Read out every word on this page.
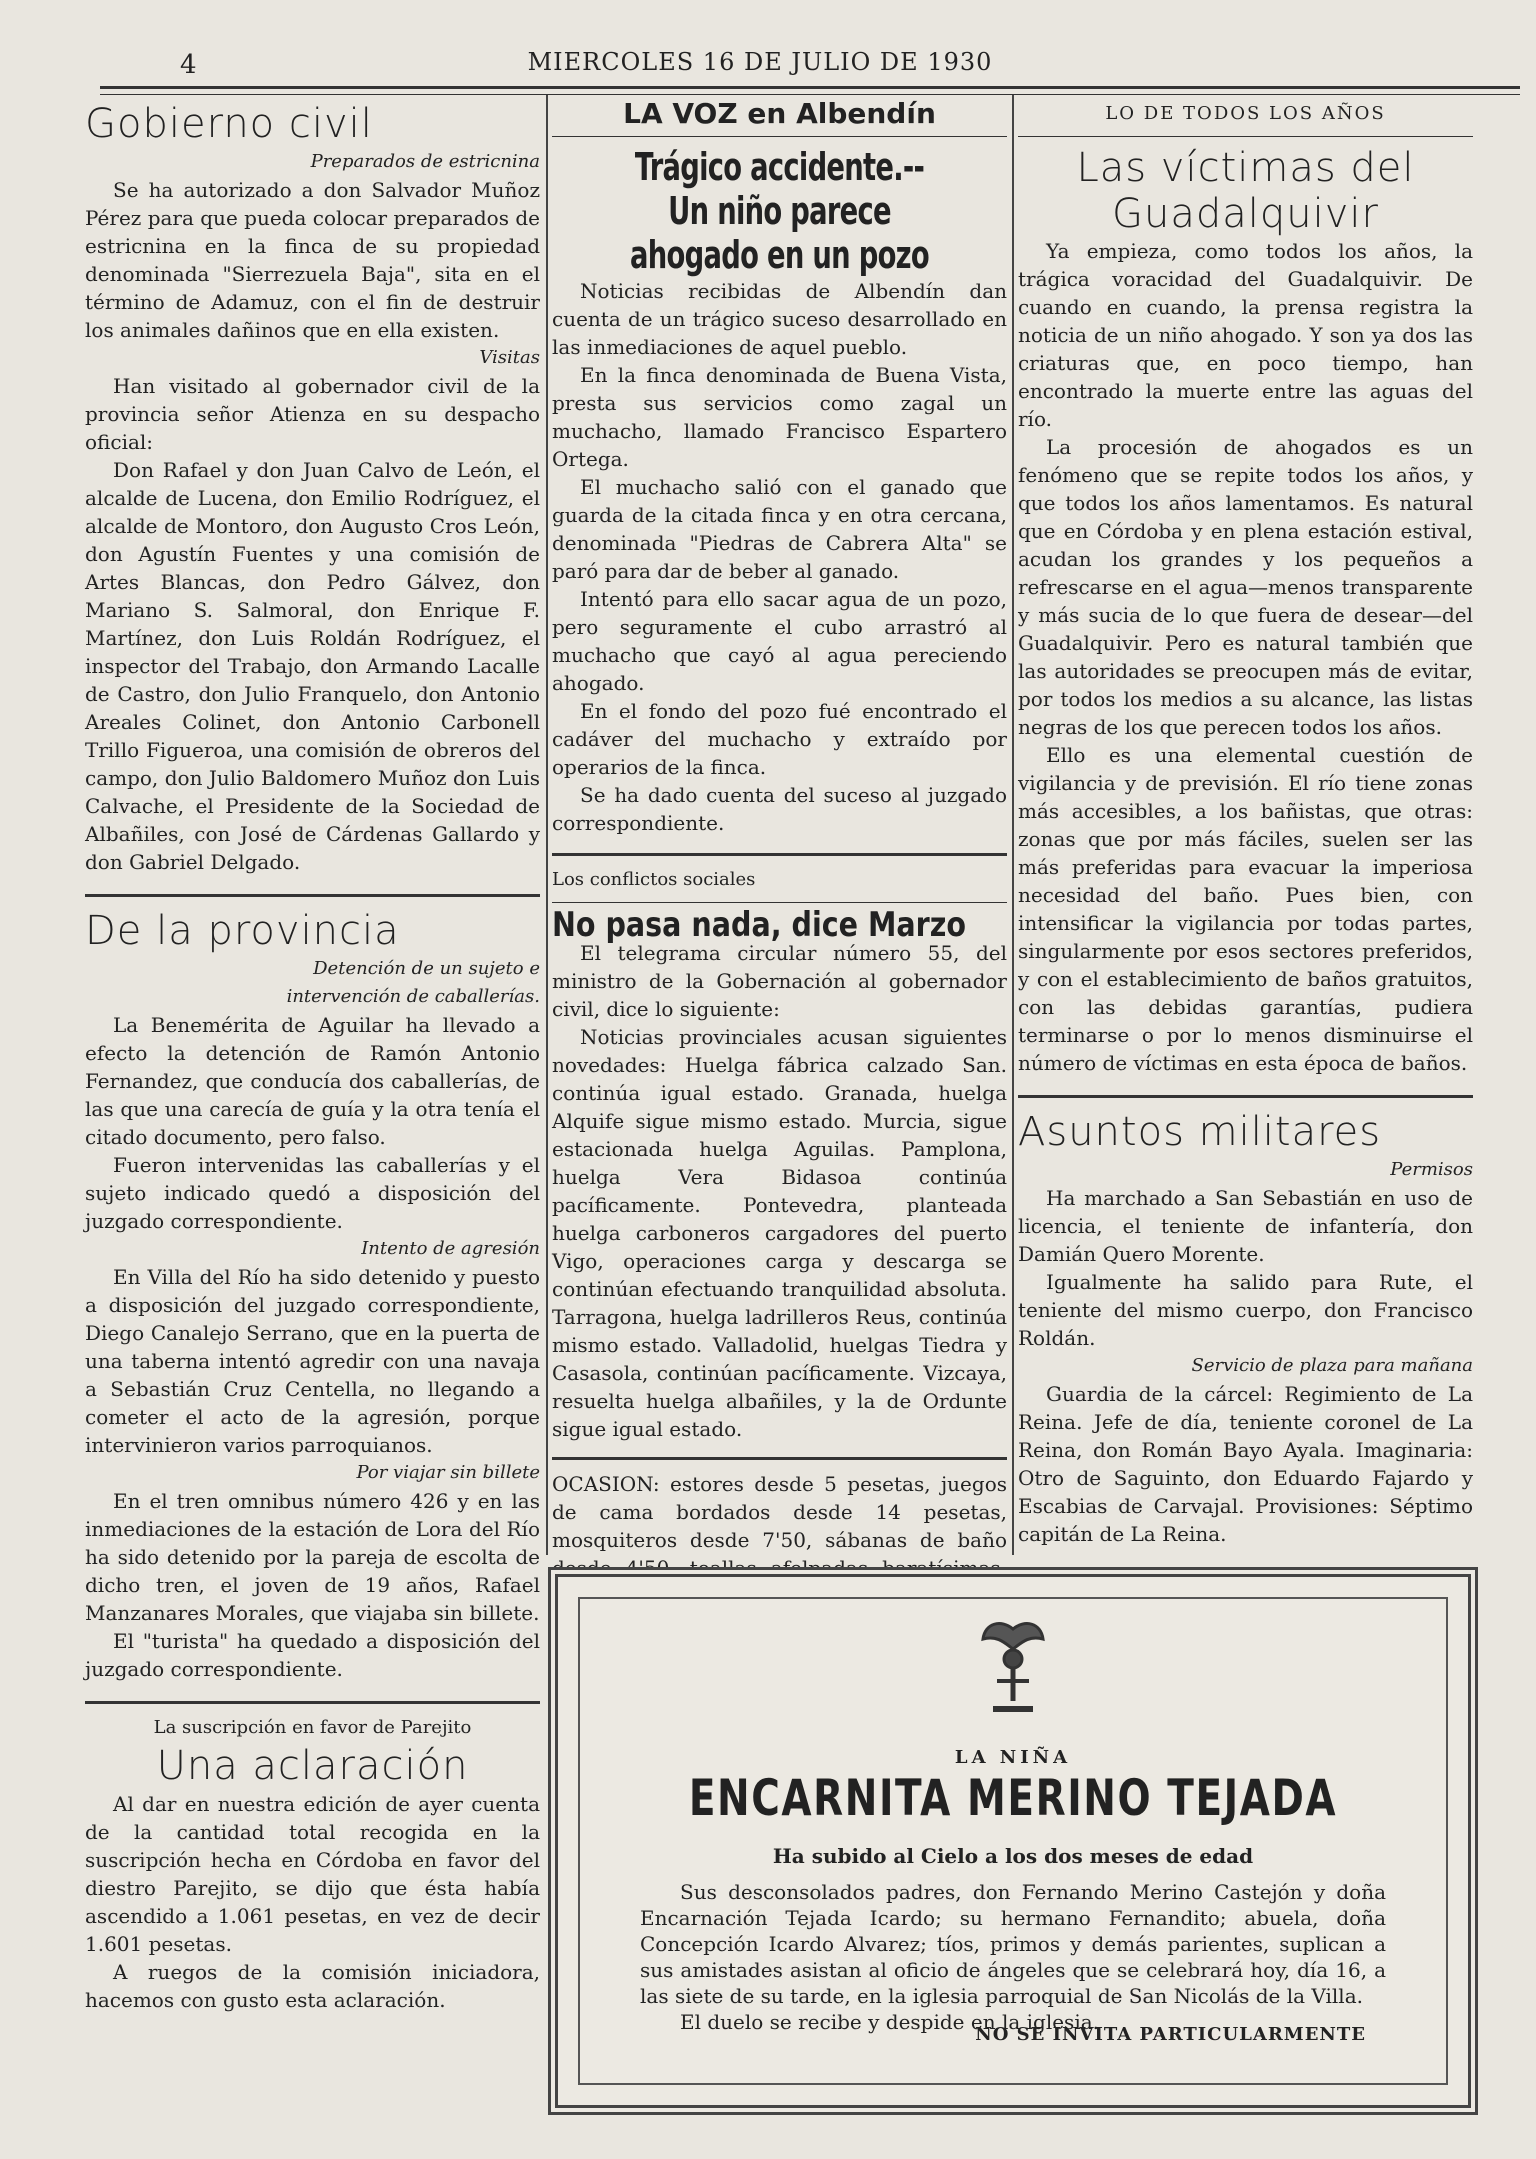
4	MIERCOLES 16 DE JULIO DE 1930
Gobierno civil
Preparados de estricnina

Se ha autorizado a don Salvador Muñoz Pérez para que pueda colocar preparados de estricnina en la finca de su propiedad denominada "Sierrezuela Baja", sita en el término de Adamuz, con el fin de destruir los animales dañinos que en ella existen.

Visitas

Han visitado al gobernador civil de la provincia señor Atienza en su despacho oficial:

Don Rafael y don Juan Calvo de León, el alcalde de Lucena, don Emilio Rodríguez, el alcalde de Montoro, don Augusto Cros León, don Agustín Fuentes y una comisión de Artes Blancas, don Pedro Gálvez, don Mariano S. Salmoral, don Enrique F. Martínez, don Luis Roldán Rodríguez, el inspector del Trabajo, don Armando Lacalle de Castro, don Julio Franquelo, don Antonio Areales Colinet, don Antonio Carbonell Trillo Figueroa, una comisión de obreros del campo, don Julio Baldomero Muñoz don Luis Calvache, el Presidente de la Sociedad de Albañiles, con José de Cárdenas Gallardo y don Gabriel Delgado.

De la provincia
Detención de un sujeto e intervención de caballerías.

La Benemérita de Aguilar ha llevado a efecto la detención de Ramón Antonio Fernandez, que conducía dos caballerías, de las que una carecía de guía y la otra tenía el citado documento, pero falso.

Fueron intervenidas las caballerías y el sujeto indicado quedó a disposición del juzgado correspondiente.

Intento de agresión

En Villa del Río ha sido detenido y puesto a disposición del juzgado correspondiente, Diego Canalejo Serrano, que en la puerta de una taberna intentó agredir con una navaja a Sebastián Cruz Centella, no llegando a cometer el acto de la agresión, porque intervinieron varios parroquianos.

Por viajar sin billete

En el tren omnibus número 426 y en las inmediaciones de la estación de Lora del Río ha sido detenido por la pareja de escolta de dicho tren, el joven de 19 años, Rafael Manzanares Morales, que viajaba sin billete.

El "turista" ha quedado a disposición del juzgado correspondiente.

La suscripción en favor de Parejito
Una aclaración

Al dar en nuestra edición de ayer cuenta de la cantidad total recogida en la suscripción hecha en Córdoba en favor del diestro Parejito, se dijo que ésta había ascendido a 1.061 pesetas, en vez de decir 1.601 pesetas.

A ruegos de la comisión iniciadora, hacemos con gusto esta aclaración.

LA VOZ en Albendín
Trágico accidente.--Un niño parece ahogado en un pozo

Noticias recibidas de Albendín dan cuenta de un trágico suceso desarrollado en las inmediaciones de aquel pueblo.

En la finca denominada de Buena Vista, presta sus servicios como zagal un muchacho, llamado Francisco Espartero Ortega.

El muchacho salió con el ganado que guarda de la citada finca y en otra cercana, denominada "Piedras de Cabrera Alta" se paró para dar de beber al ganado.

Intentó para ello sacar agua de un pozo, pero seguramente el cubo arrastró al muchacho que cayó al agua pereciendo ahogado.

En el fondo del pozo fué encontrado el cadáver del muchacho y extraído por operarios de la finca.

Se ha dado cuenta del suceso al juzgado correspondiente.

Los conflictos sociales
No pasa nada, dice Marzo

El telegrama circular número 55, del ministro de la Gobernación al gobernador civil, dice lo siguiente:

Noticias provinciales acusan siguientes novedades: Huelga fábrica calzado San. continúa igual estado. Granada, huelga Alquife sigue mismo estado. Murcia, sigue estacionada huelga Aguilas. Pamplona, huelga Vera Bidasoa continúa pacíficamente. Pontevedra, planteada huelga carboneros cargadores del puerto Vigo, operaciones carga y descarga se continúan efectuando tranquilidad absoluta. Tarragona, huelga ladrilleros Reus, continúa mismo estado. Valladolid, huelgas Tiedra y Casasola, continúan pacíficamente. Vizcaya, resuelta huelga albañiles, y la de Ordunte sigue igual estado.

OCASION: estores desde 5 pesetas, juegos de cama bordados desde 14 pesetas, mosquiteros desde 7'50, sábanas de baño

LO DE TODOS LOS AÑOS
Las víctimas del Guadalquivir

Ya empieza, como todos los años, la trágica voracidad del Guadalquivir. De cuando en cuando, la prensa registra la noticia de un niño ahogado. Y son ya dos las criaturas que, en poco tiempo, han encontrado la muerte entre las aguas del río.

La procesión de ahogados es un fenómeno que se repite todos los años, y que todos los años lamentamos. Es natural que en Córdoba y en plena estación estival, acudan los grandes y los pequeños a refrescarse en el agua—menos transparente y más sucia de lo que fuera de desear—del Guadalquivir. Pero es natural también que las autoridades se preocupen más de evitar, por todos los medios a su alcance, las listas negras de los que perecen todos los años.

Ello es una elemental cuestión de vigilancia y de previsión. El río tiene zonas más accesibles, a los bañistas, que otras: zonas que por más fáciles, suelen ser las más preferidas para evacuar la imperiosa necesidad del baño. Pues bien, con intensificar la vigilancia por todas partes, singularmente por esos sectores preferidos, y con el establecimiento de baños gratuitos, con las debidas garantías, pudiera terminarse o por lo menos disminuirse el número de víctimas en esta época de baños.

Asuntos militares
Permisos

Ha marchado a San Sebastián en uso de licencia, el teniente de infantería, don Damián Quero Morente.

Igualmente ha salido para Rute, el teniente del mismo cuerpo, don Francisco Roldán.

Servicio de plaza para mañana

Guardia de la cárcel: Regimiento de La Reina. Jefe de día, teniente coronel de La Reina, don Román Bayo Ayala. Imaginaria: Otro de Saguinto, don Eduardo Fajardo y Escabias de Carvajal. Provisiones: Séptimo capitán de La Reina.

LA NIÑA
ENCARNITA MERINO TEJADA
Ha subido al Cielo a los dos meses de edad

Sus desconsolados padres, don Fernando Merino Castejón y doña Encarnación Tejada Icardo; su hermano Fernandito; abuela, doña Concepción Icardo Alvarez; tíos, primos y demás parientes, suplican a sus amistades asistan al oficio de ángeles que se celebrará hoy, día 16, a las siete de su tarde, en la iglesia parroquial de San Nicolás de la Villa.

El duelo se recibe y despide en la iglesia.

NO SE INVITA PARTICULARMENTE
